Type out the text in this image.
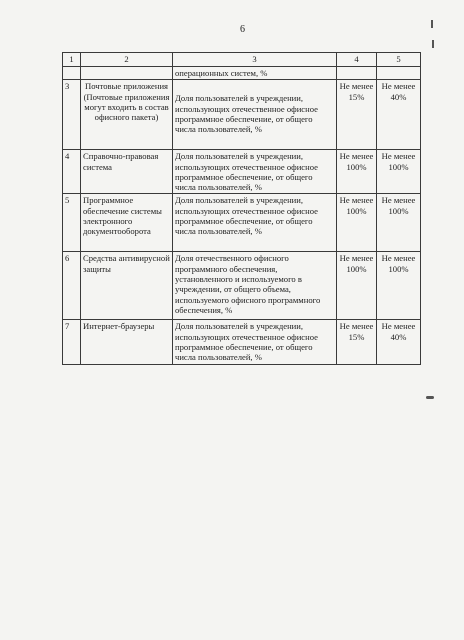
6
1	2	3	4	5
		операционных систем, %		
3	Почтовые приложения (Почтовые приложения могут входить в состав офисного пакета)	Доля пользователей в учреждении, использующих отечественное офисное программное обеспечение, от общего числа пользователей, %	Не менее 15%	Не менее 40%
4	Справочно-правовая система	Доля пользователей в учреждении, использующих отечественное офисное программное обеспечение, от общего числа пользователей, %	Не менее 100%	Не менее 100%
5	Программное обеспечение системы электронного документооборота	Доля пользователей в учреждении, использующих отечественное офисное программное обеспечение, от общего числа пользователей, %	Не менее 100%	Не менее 100%
6	Средства антивирусной защиты	Доля отечественного офисного программного обеспечения, установленного и используемого в учреждении, от общего объема, используемого офисного программного обеспечения, %	Не менее 100%	Не менее 100%
7	Интернет-браузеры	Доля пользователей в учреждении, использующих отечественное офисное программное обеспечение, от общего числа пользователей, %	Не менее 15%	Не менее 40%
